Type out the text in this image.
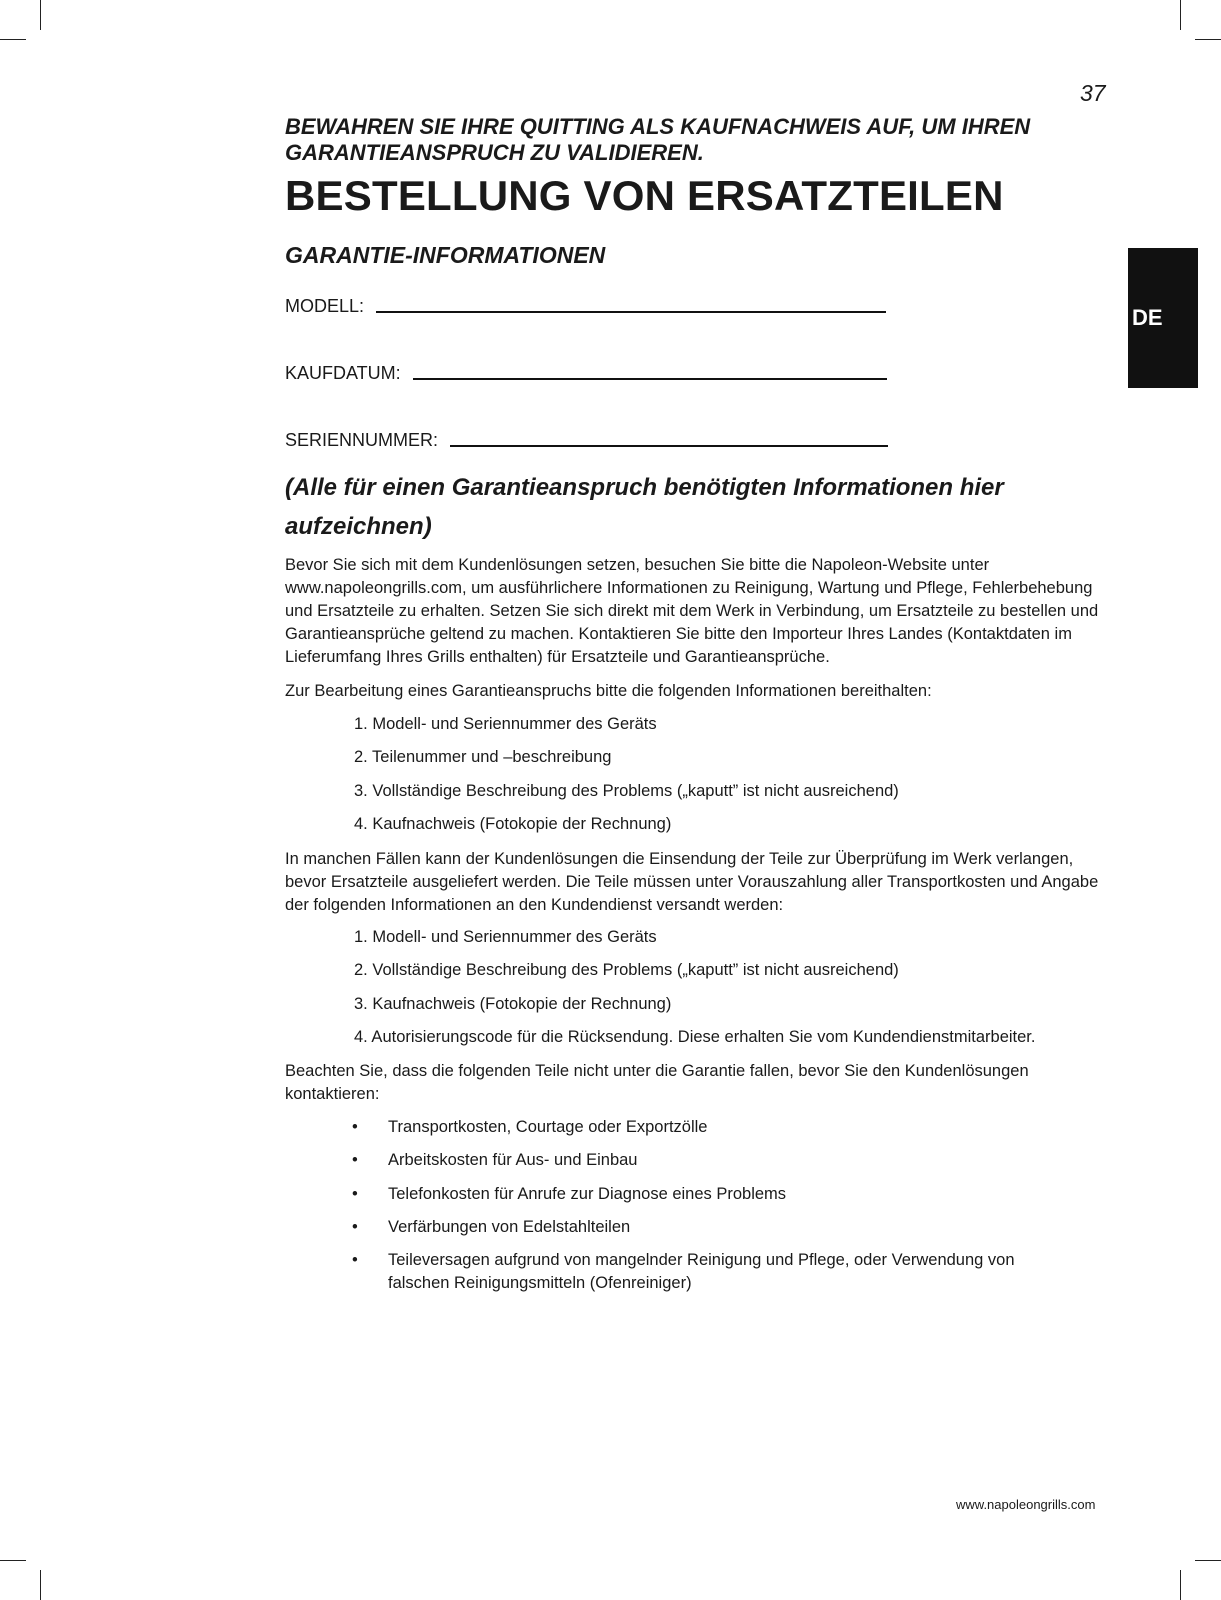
37
DE
BEWAHREN SIE IHRE QUITTING ALS KAUFNACHWEIS AUF, UM IHREN GARANTIEANSPRUCH ZU VALIDIEREN.
BESTELLUNG VON ERSATZTEILEN
GARANTIE-INFORMATIONEN
MODELL:
KAUFDATUM:
SERIENNUMMER:
(Alle für einen Garantieanspruch benötigten Informationen hier aufzeichnen)
Bevor Sie sich mit dem Kundenlösungen setzen, besuchen Sie bitte die Napoleon-Website unter www.napoleongrills.com, um ausführlichere Informationen zu Reinigung, Wartung und Pflege, Fehlerbehebung und Ersatzteile zu erhalten. Setzen Sie sich direkt mit dem Werk in Verbindung, um Ersatzteile zu bestellen und Garantieansprüche geltend zu machen. Kontaktieren Sie bitte den Importeur Ihres Landes (Kontaktdaten im Lieferumfang Ihres Grills enthalten) für Ersatzteile und Garantieansprüche.
Zur Bearbeitung eines Garantieanspruchs bitte die folgenden Informationen bereithalten:
1. Modell- und Seriennummer des Geräts
2. Teilenummer und –beschreibung
3. Vollständige Beschreibung des Problems („kaputt” ist nicht ausreichend)
4. Kaufnachweis (Fotokopie der Rechnung)
In manchen Fällen kann der Kundenlösungen die Einsendung der Teile zur Überprüfung im Werk verlangen, bevor Ersatzteile ausgeliefert werden. Die Teile müssen unter Vorauszahlung aller Transportkosten und Angabe der folgenden Informationen an den Kundendienst versandt werden:
1. Modell- und Seriennummer des Geräts
2. Vollständige Beschreibung des Problems („kaputt” ist nicht ausreichend)
3. Kaufnachweis (Fotokopie der Rechnung)
4. Autorisierungscode für die Rücksendung. Diese erhalten Sie vom Kundendienstmitarbeiter.
Beachten Sie, dass die folgenden Teile nicht unter die Garantie fallen, bevor Sie den Kundenlösungen kontaktieren:
• Transportkosten, Courtage oder Exportzölle
• Arbeitskosten für Aus- und Einbau
• Telefonkosten für Anrufe zur Diagnose eines Problems
• Verfärbungen von Edelstahlteilen
• Teileversagen aufgrund von mangelnder Reinigung und Pflege, oder Verwendung von falschen Reinigungsmitteln (Ofenreiniger)
www.napoleongrills.com
